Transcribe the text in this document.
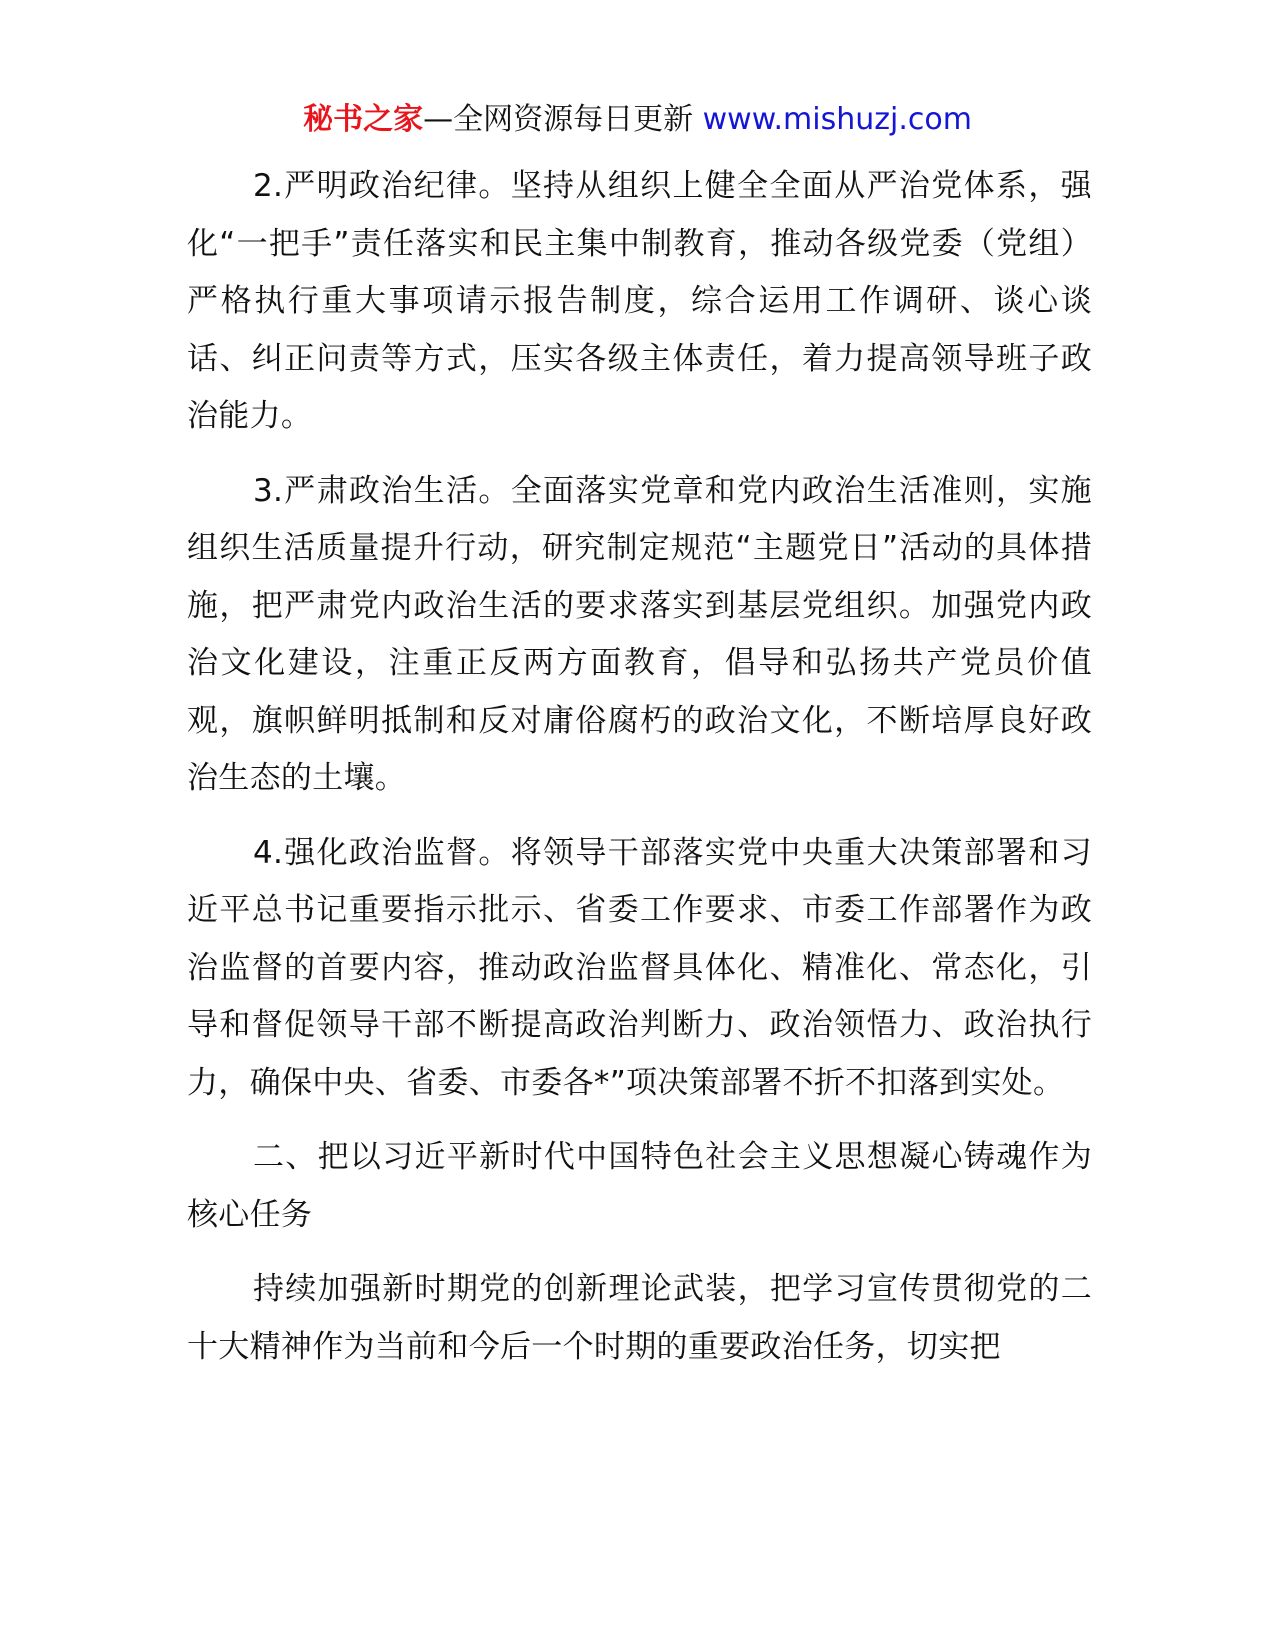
秘书之家—全网资源每日更新 www.mishuzj.com

2.严明政治纪律。坚持从组织上健全全面从严治党体系，强化“一把手”责任落实和民主集中制教育，推动各级党委（党组）严格执行重大事项请示报告制度，综合运用工作调研、谈心谈话、纠正问责等方式，压实各级主体责任，着力提高领导班子政治能力。

3.严肃政治生活。全面落实党章和党内政治生活准则，实施组织生活质量提升行动，研究制定规范“主题党日”活动的具体措施，把严肃党内政治生活的要求落实到基层党组织。加强党内政治文化建设，注重正反两方面教育，倡导和弘扬共产党员价值观，旗帜鲜明抵制和反对庸俗腐朽的政治文化，不断培厚良好政治生态的土壤。

4.强化政治监督。将领导干部落实党中央重大决策部署和习近平总书记重要指示批示、省委工作要求、市委工作部署作为政治监督的首要内容，推动政治监督具体化、精准化、常态化，引导和督促领导干部不断提高政治判断力、政治领悟力、政治执行力，确保中央、省委、市委各*”项决策部署不折不扣落到实处。

二、把以习近平新时代中国特色社会主义思想凝心铸魂作为核心任务

持续加强新时期党的创新理论武装，把学习宣传贯彻党的二十大精神作为当前和今后一个时期的重要政治任务，切实把
